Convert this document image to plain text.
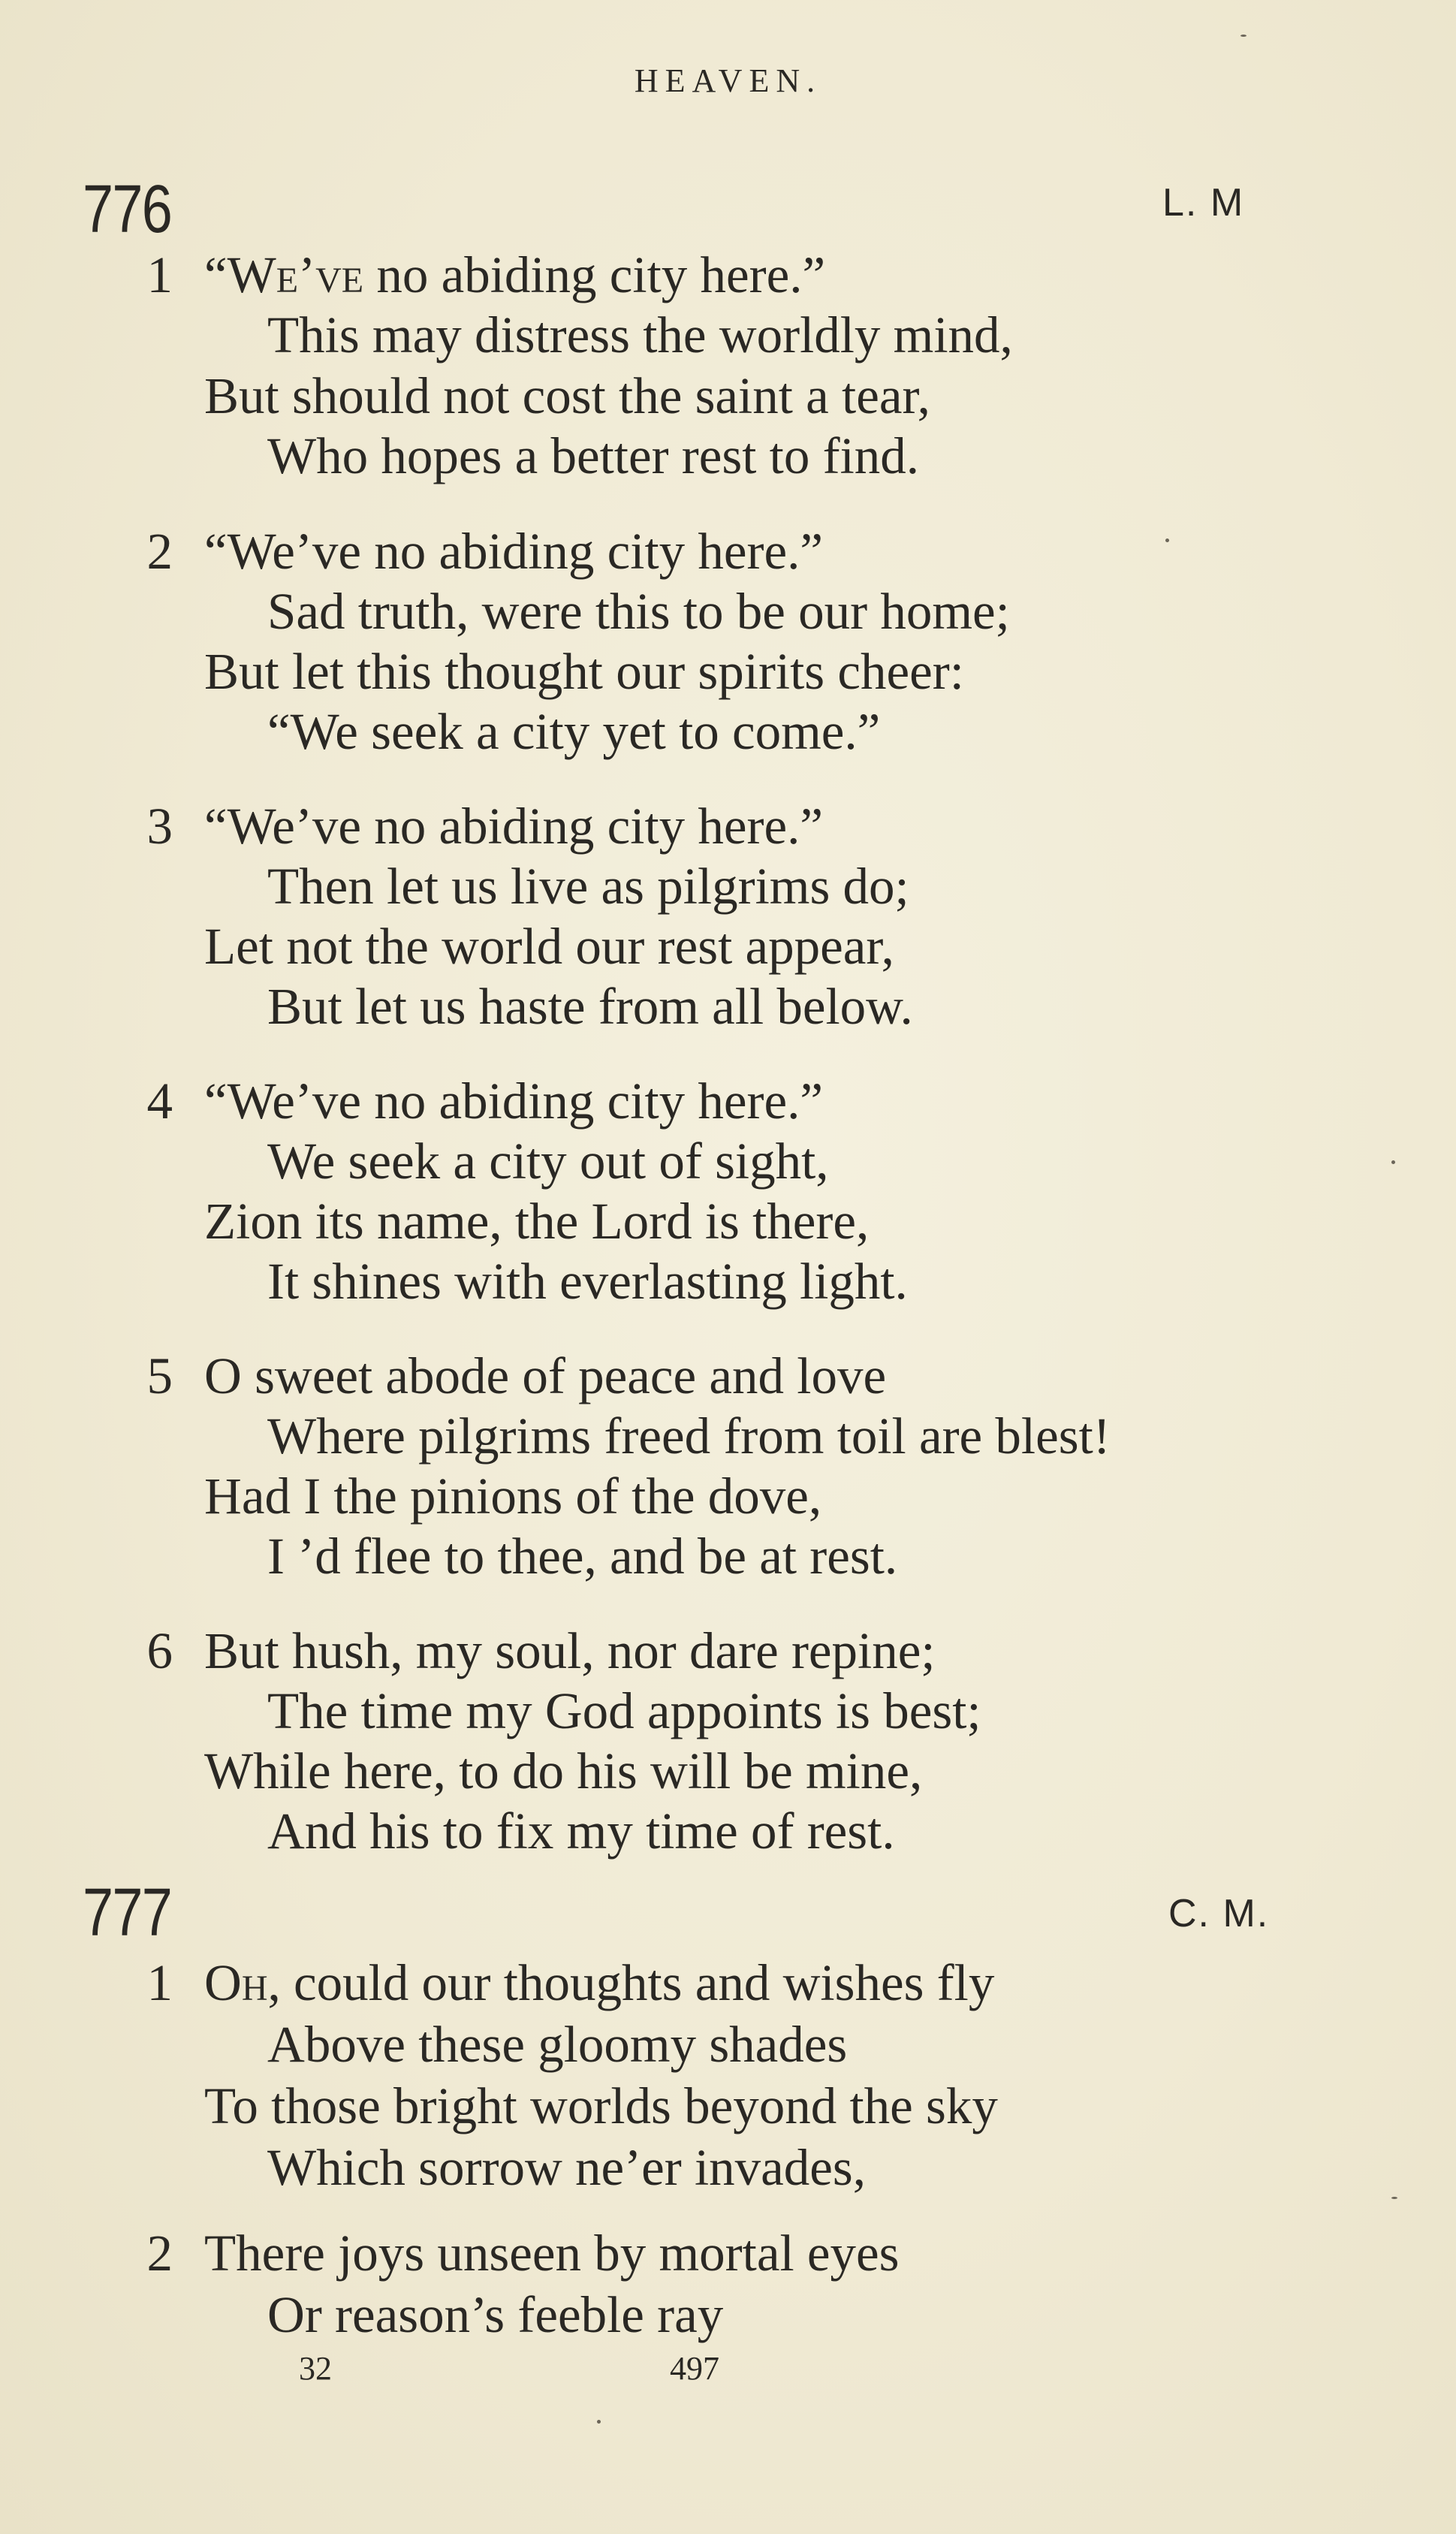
HEAVEN.
776	L. M
1 “We’ve no abiding city here.”
This may distress the worldly mind,
But should not cost the saint a tear,
Who hopes a better rest to find.
2 “We’ve no abiding city here.”
Sad truth, were this to be our home;
But let this thought our spirits cheer:
“We seek a city yet to come.”
3 “We’ve no abiding city here.”
Then let us live as pilgrims do;
Let not the world our rest appear,
But let us haste from all below.
4 “We’ve no abiding city here.”
We seek a city out of sight,
Zion its name, the Lord is there,
It shines with everlasting light.
5 O sweet abode of peace and love
Where pilgrims freed from toil are blest!
Had I the pinions of the dove,
I ’d flee to thee, and be at rest.
6 But hush, my soul, nor dare repine;
The time my God appoints is best;
While here, to do his will be mine,
And his to fix my time of rest.
777	C. M.
1 Oh, could our thoughts and wishes fly
Above these gloomy shades
To those bright worlds beyond the sky
Which sorrow ne’er invades,
2 There joys unseen by mortal eyes
Or reason’s feeble ray
32	497
